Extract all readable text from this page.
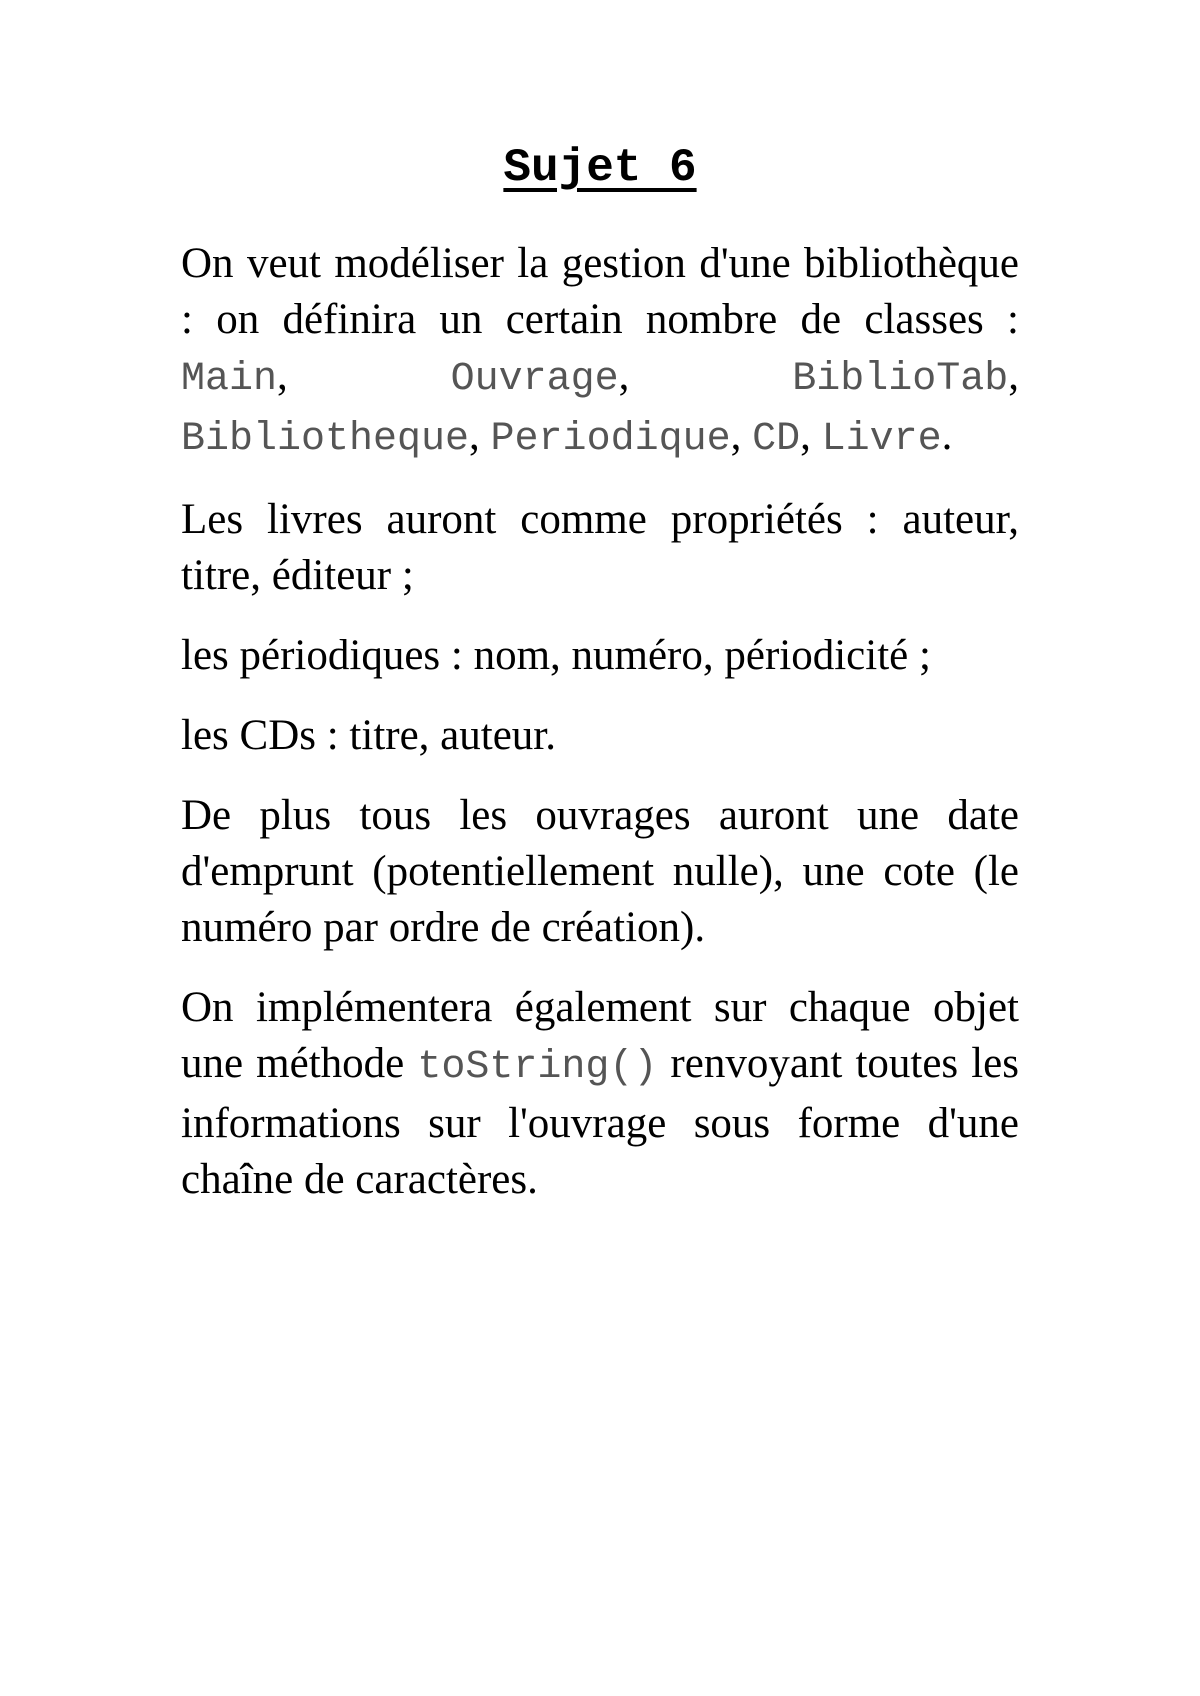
Sujet 6

On veut modéliser la gestion d'une bibliothèque : on définira un certain nombre de classes : Main, Ouvrage, BiblioTab, Bibliotheque, Periodique, CD, Livre.

Les livres auront comme propriétés : auteur, titre, éditeur ;

les périodiques : nom, numéro, périodicité ;

les CDs : titre, auteur.

De plus tous les ouvrages auront une date d'emprunt (potentiellement nulle), une cote (le numéro par ordre de création).

On implémentera également sur chaque objet une méthode toString() renvoyant toutes les informations sur l'ouvrage sous forme d'une chaîne de caractères.
